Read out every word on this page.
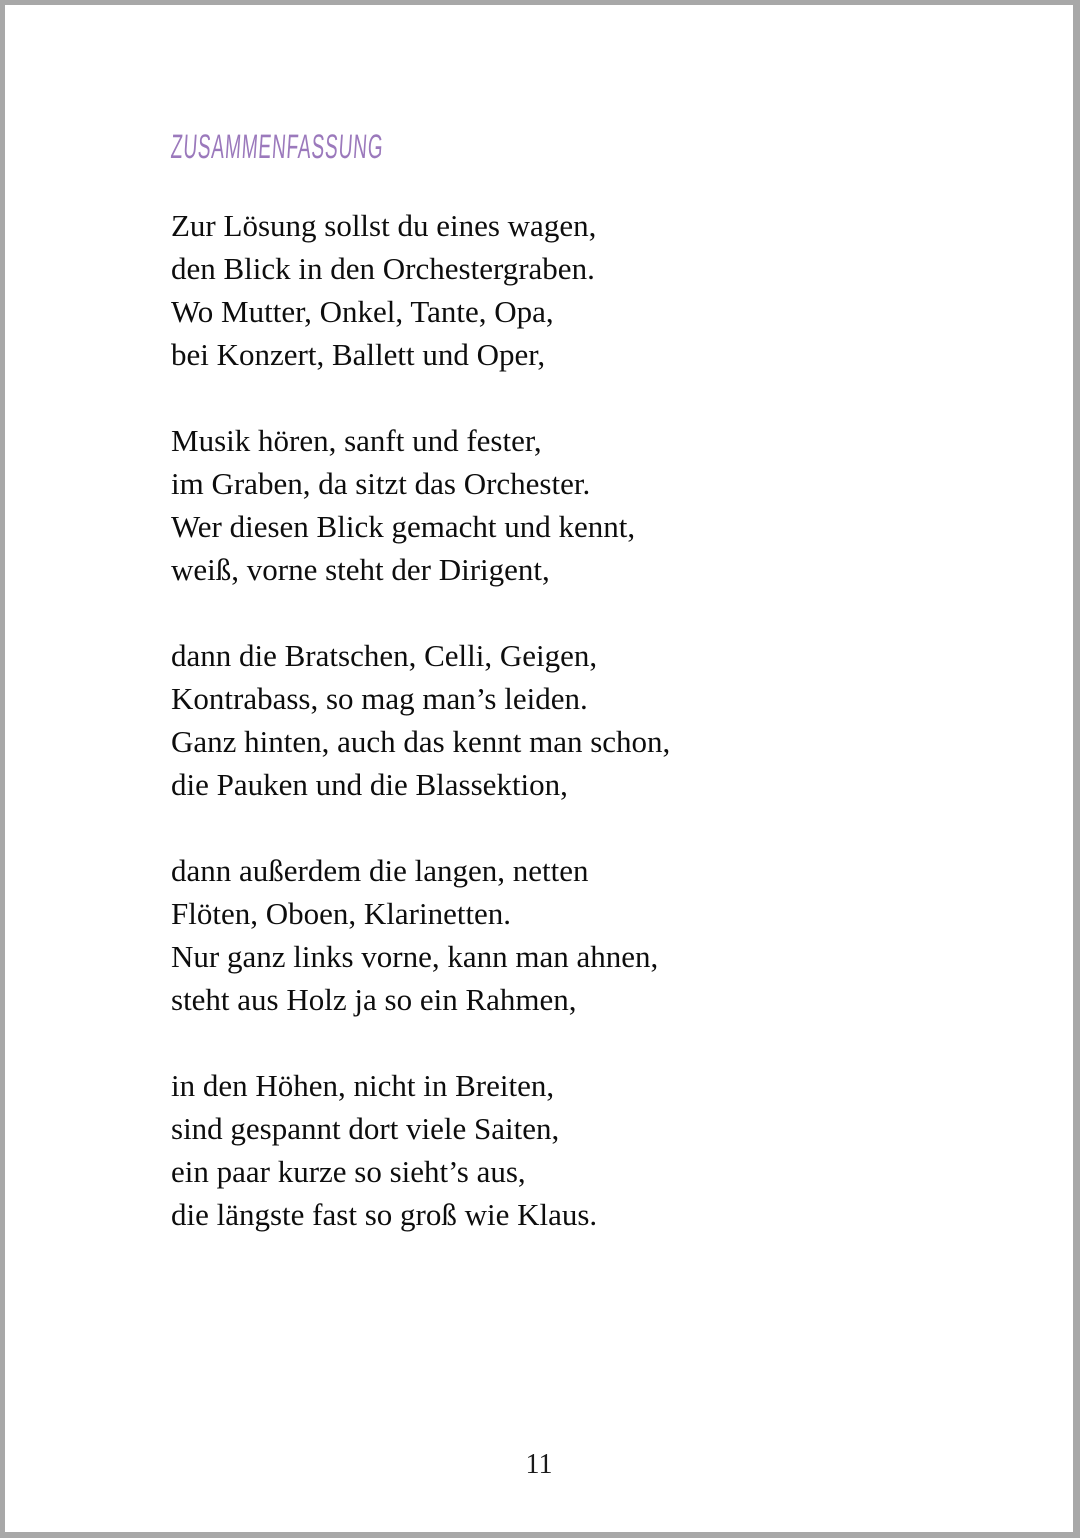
ZUSAMMENFASSUNG
Zur Lösung sollst du eines wagen,
den Blick in den Orchestergraben.
Wo Mutter, Onkel, Tante, Opa,
bei Konzert, Ballett und Oper,
Musik hören, sanft und fester,
im Graben, da sitzt das Orchester.
Wer diesen Blick gemacht und kennt,
weiß, vorne steht der Dirigent,
dann die Bratschen, Celli, Geigen,
Kontrabass, so mag man’s leiden.
Ganz hinten, auch das kennt man schon,
die Pauken und die Blassektion,
dann außerdem die langen, netten
Flöten, Oboen, Klarinetten.
Nur ganz links vorne, kann man ahnen,
steht aus Holz ja so ein Rahmen,
in den Höhen, nicht in Breiten,
sind gespannt dort viele Saiten,
ein paar kurze so sieht’s aus,
die längste fast so groß wie Klaus.
11
